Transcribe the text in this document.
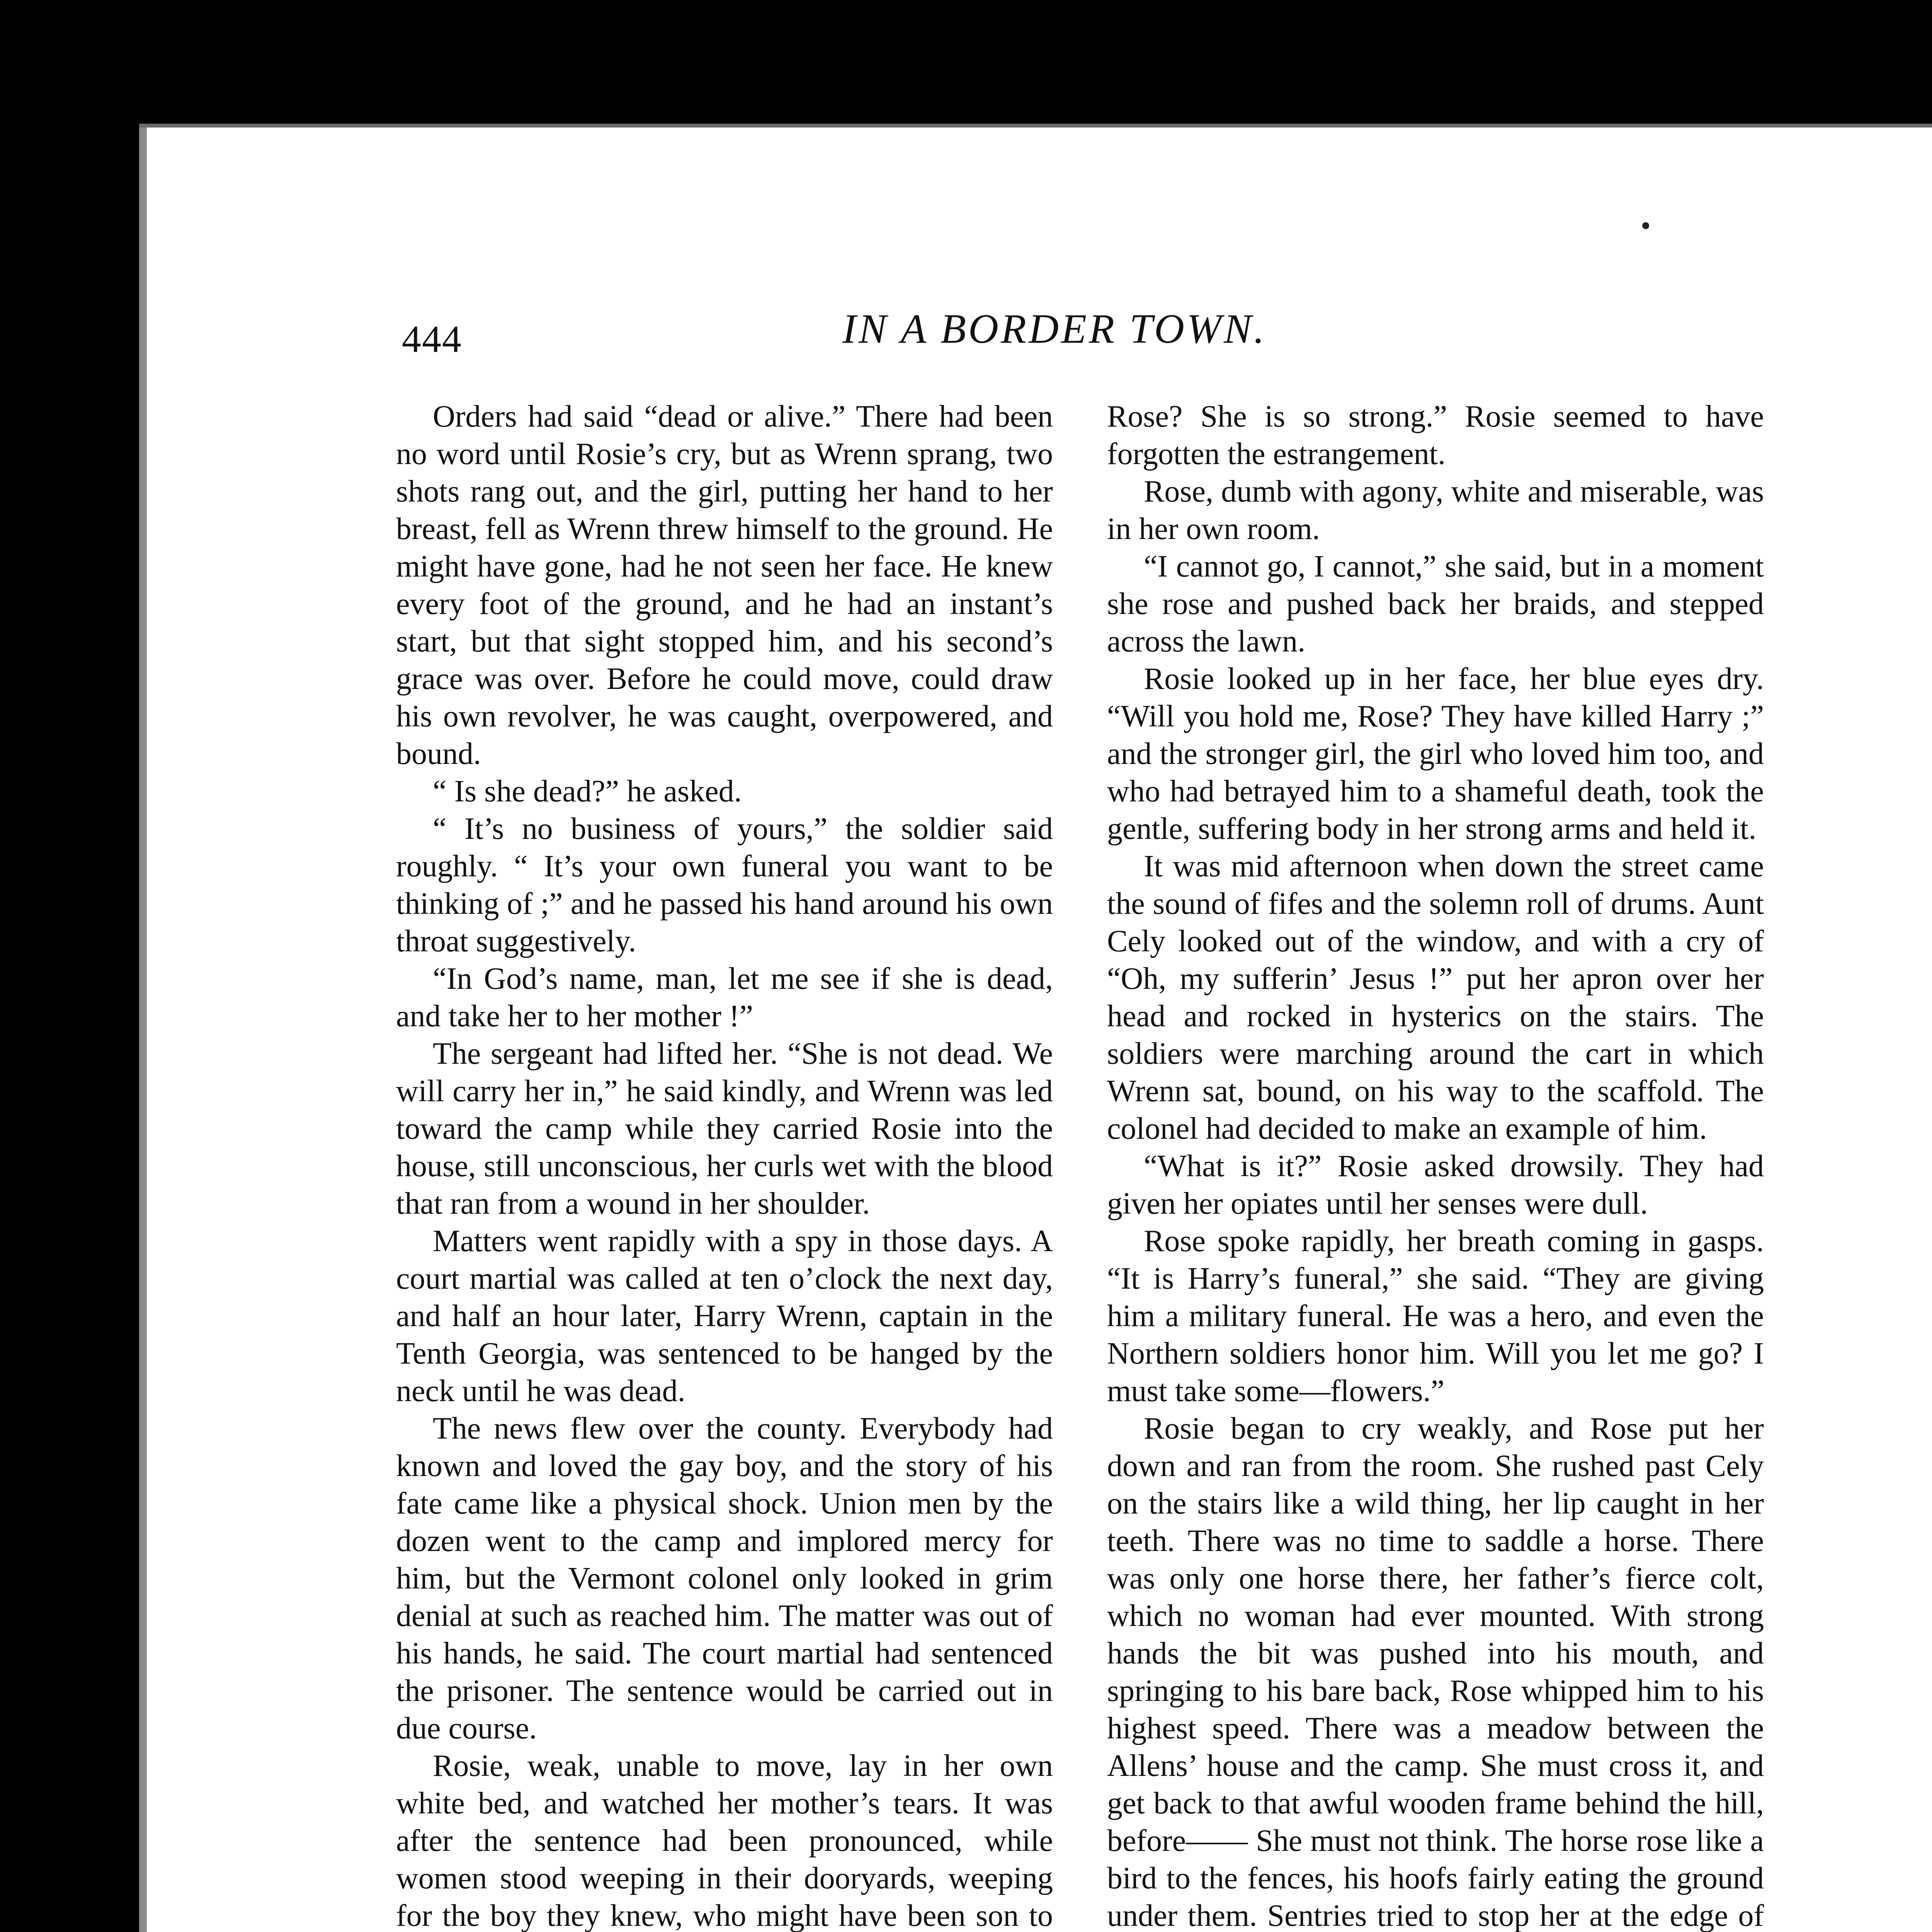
444	IN A BORDER TOWN.

Orders had said “dead or alive.” There had been no word until Rosie’s cry, but as Wrenn sprang, two shots rang out, and the girl, putting her hand to her breast, fell as Wrenn threw himself to the ground. He might have gone, had he not seen her face. He knew every foot of the ground, and he had an instant’s start, but that sight stopped him, and his second’s grace was over. Before he could move, could draw his own revolver, he was caught, overpowered, and bound.

“ Is she dead?” he asked.

“ It’s no business of yours,” the soldier said roughly. “ It’s your own funeral you want to be thinking of ;” and he passed his hand around his own throat suggestively.

“In God’s name, man, let me see if she is dead, and take her to her mother !”

The sergeant had lifted her. “She is not dead. We will carry her in,” he said kindly, and Wrenn was led toward the camp while they carried Rosie into the house, still unconscious, her curls wet with the blood that ran from a wound in her shoulder.

Matters went rapidly with a spy in those days. A court martial was called at ten o’clock the next day, and half an hour later, Harry Wrenn, captain in the Tenth Georgia, was sentenced to be hanged by the neck until he was dead.

The news flew over the county. Everybody had known and loved the gay boy, and the story of his fate came like a physical shock. Union men by the dozen went to the camp and implored mercy for him, but the Vermont colonel only looked in grim denial at such as reached him. The matter was out of his hands, he said. The court martial had sentenced the prisoner. The sentence would be carried out in due course.

Rosie, weak, unable to move, lay in her own white bed, and watched her mother’s tears. It was after the sentence had been pronounced, while women stood weeping in their dooryards, weeping for the boy they knew, who might have been son to

Rose? She is so strong.” Rosie seemed to have forgotten the estrangement.

Rose, dumb with agony, white and miserable, was in her own room.

“I cannot go, I cannot,” she said, but in a moment she rose and pushed back her braids, and stepped across the lawn.

Rosie looked up in her face, her blue eyes dry. “Will you hold me, Rose? They have killed Harry ;” and the stronger girl, the girl who loved him too, and who had betrayed him to a shameful death, took the gentle, suffering body in her strong arms and held it.

It was mid afternoon when down the street came the sound of fifes and the solemn roll of drums. Aunt Cely looked out of the window, and with a cry of “Oh, my sufferin’ Jesus !” put her apron over her head and rocked in hysterics on the stairs. The soldiers were marching around the cart in which Wrenn sat, bound, on his way to the scaffold. The colonel had decided to make an example of him.

“What is it?” Rosie asked drowsily. They had given her opiates until her senses were dull.

Rose spoke rapidly, her breath coming in gasps. “It is Harry’s funeral,” she said. “They are giving him a military funeral. He was a hero, and even the Northern soldiers honor him. Will you let me go? I must take some—flowers.”

Rosie began to cry weakly, and Rose put her down and ran from the room. She rushed past Cely on the stairs like a wild thing, her lip caught in her teeth. There was no time to saddle a horse. There was only one horse there, her father’s fierce colt, which no woman had ever mounted. With strong hands the bit was pushed into his mouth, and springing to his bare back, Rose whipped him to his highest speed. There was a meadow between the Allens’ house and the camp. She must cross it, and get back to that awful wooden frame behind the hill, before—— She must not think. The horse rose like a bird to the fences, his hoofs fairly eating the ground under them. Sentries tried to stop her at the edge of
